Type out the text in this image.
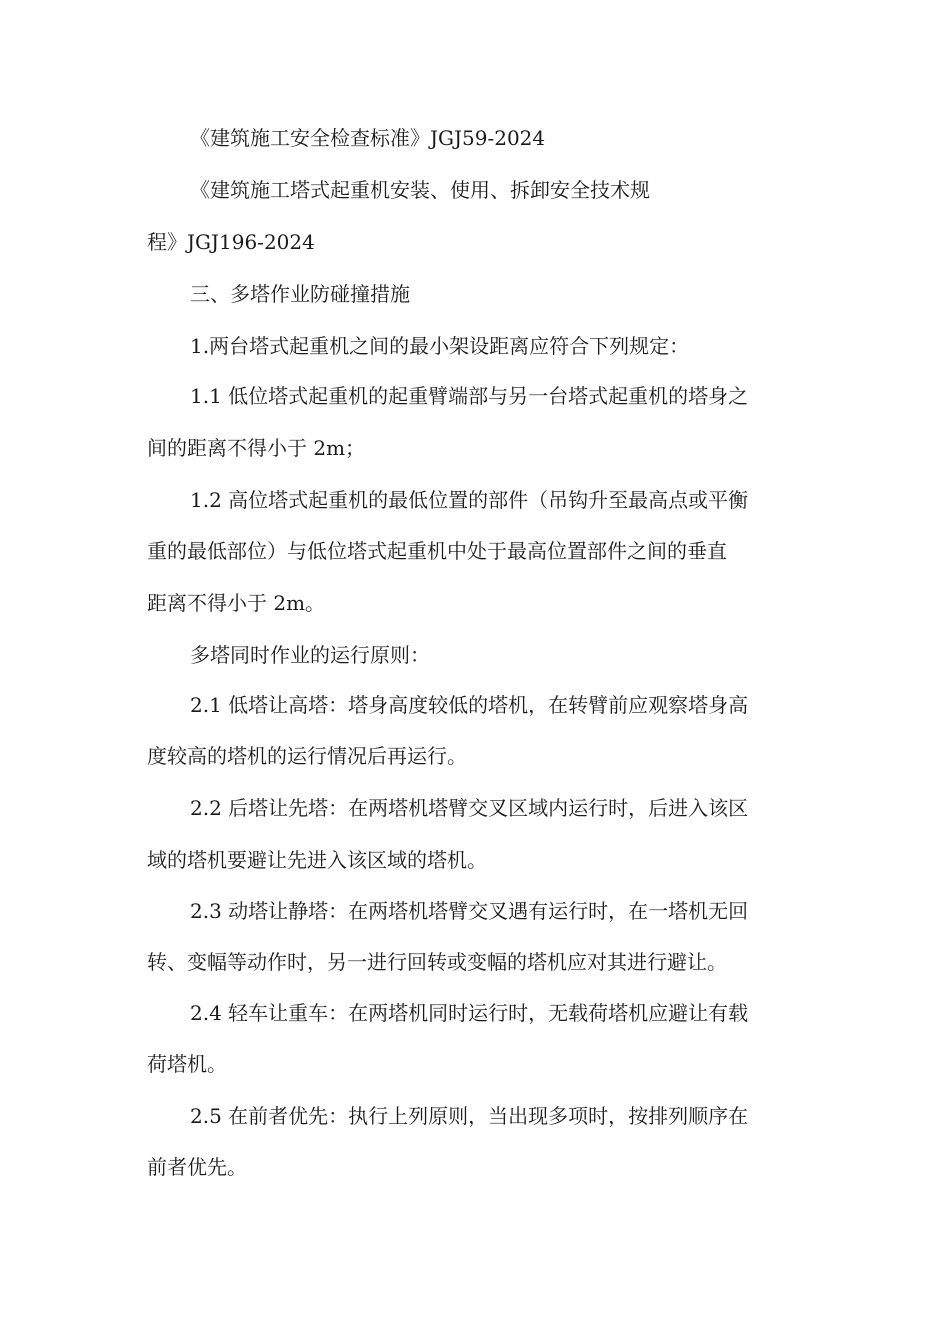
《建筑施工安全检查标准》JGJ59-2024
《建筑施工塔式起重机安装、使用、拆卸安全技术规
程》JGJ196-2024
三、多塔作业防碰撞措施
1.两台塔式起重机之间的最小架设距离应符合下列规定：
1.1 低位塔式起重机的起重臂端部与另一台塔式起重机的塔身之
间的距离不得小于 2m；
1.2 高位塔式起重机的最低位置的部件（吊钩升至最高点或平衡
重的最低部位）与低位塔式起重机中处于最高位置部件之间的垂直
距离不得小于 2m。
多塔同时作业的运行原则：
2.1 低塔让高塔：塔身高度较低的塔机，在转臂前应观察塔身高
度较高的塔机的运行情况后再运行。
2.2 后塔让先塔：在两塔机塔臂交叉区域内运行时，后进入该区
域的塔机要避让先进入该区域的塔机。
2.3 动塔让静塔：在两塔机塔臂交叉遇有运行时，在一塔机无回
转、变幅等动作时，另一进行回转或变幅的塔机应对其进行避让。
2.4 轻车让重车：在两塔机同时运行时，无载荷塔机应避让有载
荷塔机。
2.5 在前者优先：执行上列原则，当出现多项时，按排列顺序在
前者优先。
